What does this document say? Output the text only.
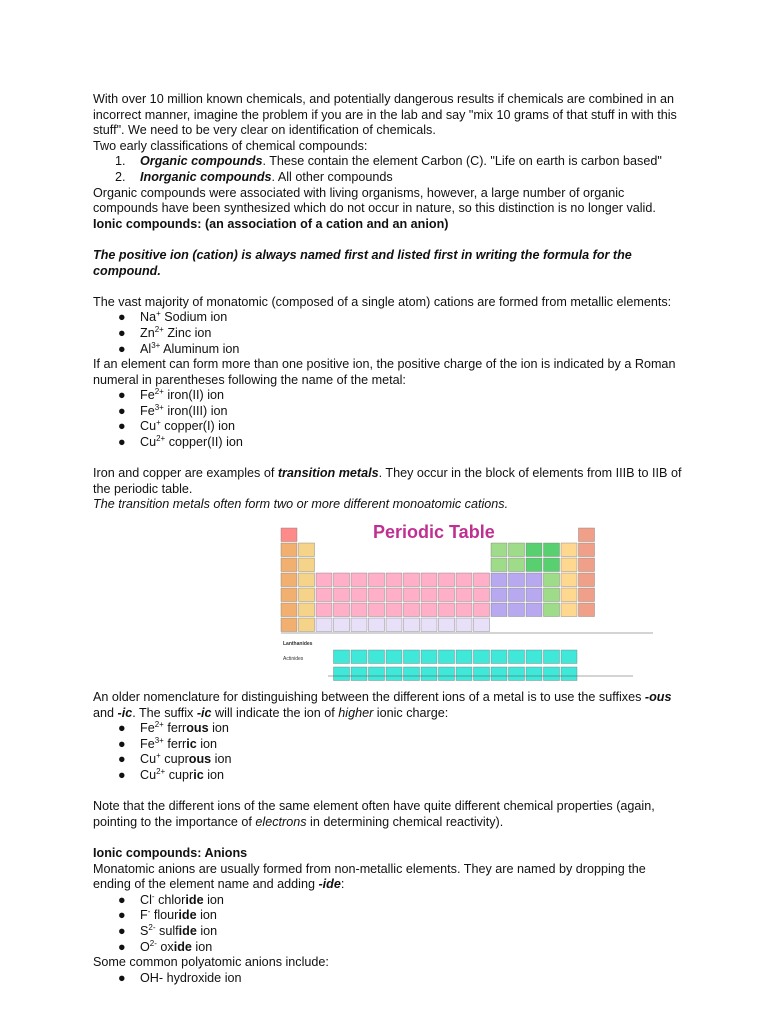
With over 10 million known chemicals, and potentially dangerous results if chemicals are combined in an incorrect manner, imagine the problem if you are in the lab and say "mix 10 grams of that stuff in with this stuff". We need to be very clear on identification of chemicals.

Two early classifications of chemical compounds:

1. Organic compounds. These contain the element Carbon (C). "Life on earth is carbon based"
2. Inorganic compounds. All other compounds

Organic compounds were associated with living organisms, however, a large number of organic compounds have been synthesized which do not occur in nature, so this distinction is no longer valid.

Ionic compounds: (an association of a cation and an anion)

The positive ion (cation) is always named first and listed first in writing the formula for the compound.

The vast majority of monatomic (composed of a single atom) cations are formed from metallic elements:

● Na+ Sodium ion
● $Zn^{2+}$ Zinc ion
● $Al^{3+}$ Aluminum ion

If an element can form more than one positive ion, the positive charge of the ion is indicated by a Roman numeral in parentheses following the name of the metal:

● $Fe^{2+}$ iron(II) ion
● $Fe^{3+}$ iron(III) ion
● Cu+ copper(I) ion
● $Cu^{2+}$ copper(II) ion

Iron and copper are examples of transition metals. They occur in the block of elements from IIIB to IIB of the periodic table.

The transition metals often form two or more different monoatomic cations.

Periodic Table
Lanthanides
Actinides

An older nomenclature for distinguishing between the different ions of a metal is to use the suffixes -ous and -ic. The suffix -ic will indicate the ion of higher ionic charge:

● $Fe^{2+}$ ferrous ion
● $Fe^{3+}$ ferric ion
● Cu+ cuprous ion
● $Cu^{2+}$ cupric ion

Note that the different ions of the same element often have quite different chemical properties (again, pointing to the importance of electrons in determining chemical reactivity).

Ionic compounds: Anions

Monatomic anions are usually formed from non-metallic elements. They are named by dropping the ending of the element name and adding -ide:

● Cl- chloride ion
● F- flouride ion
● $S^{2-}$ sulfide ion
● $O^{2-}$ oxide ion

Some common polyatomic anions include:

● OH- hydroxide ion
